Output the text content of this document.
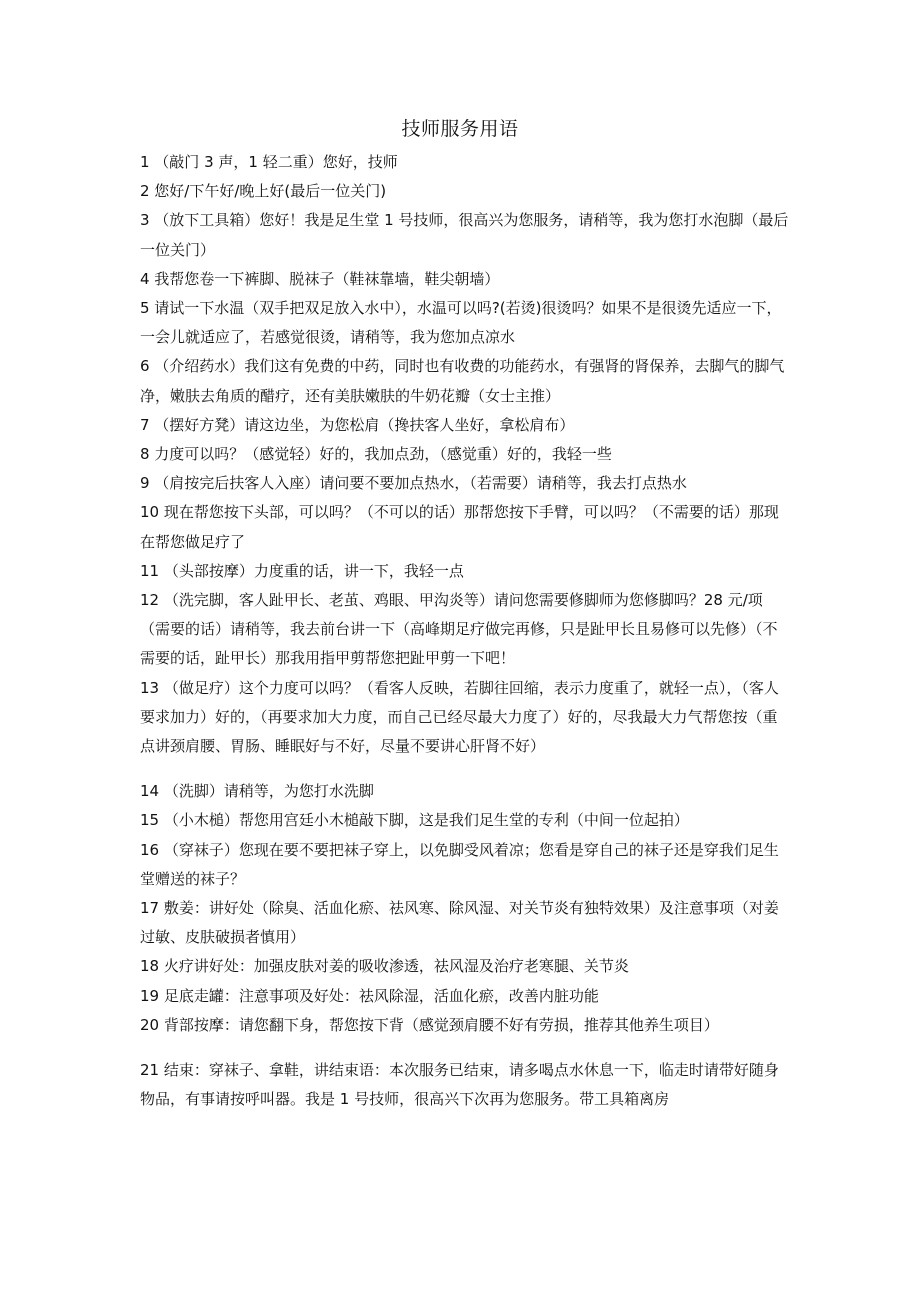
技师服务用语

1 （敲门 3 声，1 轻二重）您好，技师

2 您好/下午好/晚上好(最后一位关门)

3 （放下工具箱）您好！我是足生堂 1 号技师，很高兴为您服务，请稍等，我为您打水泡脚（最后一位关门）

4 我帮您卷一下裤脚、脱袜子（鞋袜靠墙，鞋尖朝墙）

5 请试一下水温（双手把双足放入水中），水温可以吗?(若烫)很烫吗？如果不是很烫先适应一下，一会儿就适应了，若感觉很烫，请稍等，我为您加点凉水

6 （介绍药水）我们这有免费的中药，同时也有收费的功能药水，有强肾的肾保养，去脚气的脚气净，嫩肤去角质的醋疗，还有美肤嫩肤的牛奶花瓣（女士主推）

7 （摆好方凳）请这边坐，为您松肩（搀扶客人坐好，拿松肩布）

8 力度可以吗？（感觉轻）好的，我加点劲，（感觉重）好的，我轻一些

9 （肩按完后扶客人入座）请问要不要加点热水，（若需要）请稍等，我去打点热水

10 现在帮您按下头部，可以吗？（不可以的话）那帮您按下手臂，可以吗？（不需要的话）那现在帮您做足疗了

11 （头部按摩）力度重的话，讲一下，我轻一点

12 （洗完脚，客人趾甲长、老茧、鸡眼、甲沟炎等）请问您需要修脚师为您修脚吗？28 元/项（需要的话）请稍等，我去前台讲一下（高峰期足疗做完再修，只是趾甲长且易修可以先修）（不需要的话，趾甲长）那我用指甲剪帮您把趾甲剪一下吧！

13 （做足疗）这个力度可以吗？（看客人反映，若脚往回缩，表示力度重了，就轻一点），（客人要求加力）好的，（再要求加大力度，而自己已经尽最大力度了）好的，尽我最大力气帮您按（重点讲颈肩腰、胃肠、睡眠好与不好，尽量不要讲心肝肾不好）

14 （洗脚）请稍等，为您打水洗脚

15 （小木槌）帮您用宫廷小木槌敲下脚，这是我们足生堂的专利（中间一位起拍）

16 （穿袜子）您现在要不要把袜子穿上，以免脚受风着凉；您看是穿自己的袜子还是穿我们足生堂赠送的袜子？

17 敷姜：讲好处（除臭、活血化瘀、祛风寒、除风湿、对关节炎有独特效果）及注意事项（对姜过敏、皮肤破损者慎用）

18 火疗讲好处：加强皮肤对姜的吸收渗透，祛风湿及治疗老寒腿、关节炎

19 足底走罐：注意事项及好处：祛风除湿，活血化瘀，改善内脏功能

20 背部按摩：请您翻下身，帮您按下背（感觉颈肩腰不好有劳损，推荐其他养生项目）

21 结束：穿袜子、拿鞋，讲结束语：本次服务已结束，请多喝点水休息一下，临走时请带好随身物品，有事请按呼叫器。我是 1 号技师，很高兴下次再为您服务。带工具箱离房
